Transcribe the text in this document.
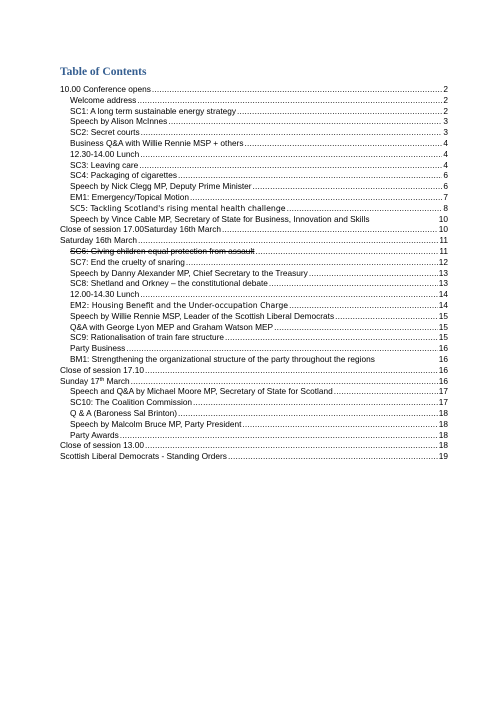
Table of Contents
10.00 Conference opens .....	2
Welcome address .....	2
SC1: A long term sustainable energy strategy .....	2
Speech by Alison McInnes .....	3
SC2: Secret courts .....	3
Business Q&A with Willie Rennie MSP + others .....	4
12.30-14.00 Lunch .....	4
SC3: Leaving care .....	4
SC4: Packaging of cigarettes .....	6
Speech by Nick Clegg MP, Deputy Prime Minister .....	6
EM1: Emergency/Topical Motion .....	7
SC5: Tackling Scotland's rising mental health challenge .....	8
Speech by Vince Cable MP, Secretary of State for Business, Innovation and Skills	10
Close of session 17.00Saturday 16th March .....	10
Saturday 16th March .....	11
SC6: Giving children equal protection from assault .....	11
SC7: End the cruelty of snaring .....	12
Speech by Danny Alexander MP, Chief Secretary to the Treasury .....	13
SC8: Shetland and Orkney – the constitutional debate .....	13
12.00-14.30 Lunch .....	14
EM2: Housing Benefit and the Under-occupation Charge .....	14
Speech by Willie Rennie MSP, Leader of the Scottish Liberal Democrats .....	15
Q&A with George Lyon MEP and Graham Watson MEP .....	15
SC9: Rationalisation of train fare structure .....	15
Party Business .....	16
BM1: Strengthening the organizational structure of the party throughout the regions	16
Close of session 17.10 .....	16
Sunday 17th March .....	16
Speech and Q&A by Michael Moore MP, Secretary of State for Scotland .....	17
SC10: The Coalition Commission .....	17
Q & A (Baroness Sal Brinton) .....	18
Speech by Malcolm Bruce MP, Party President .....	18
Party Awards .....	18
Close of session 13.00 .....	18
Scottish Liberal Democrats - Standing Orders .....	19
